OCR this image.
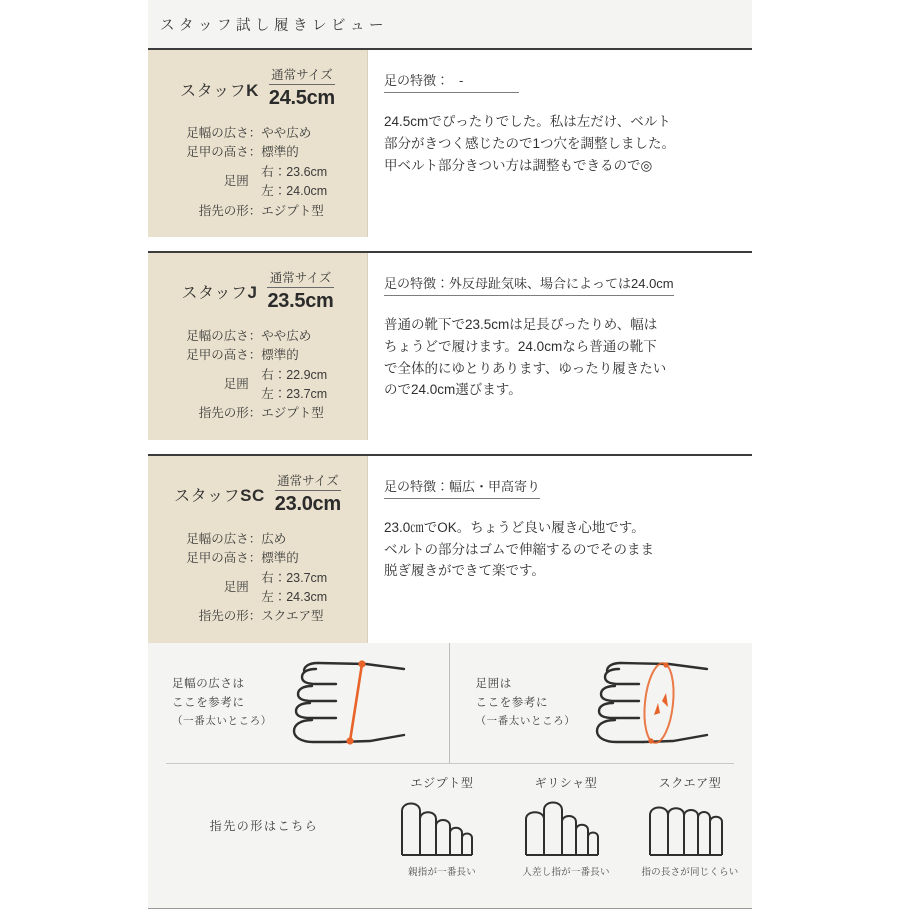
スタッフ試し履きレビュー
スタッフK
通常サイズ
24.5cm
足幅の広さ	：	やや広め
足甲の高さ	：	標準的
足囲		右：23.6cm
		左：24.0cm
指先の形	：	エジプト型
足の特徴： -
24.5cmでぴったりでした。私は左だけ、ベルト
部分がきつく感じたので1つ穴を調整しました。
甲ベルト部分きつい方は調整もできるので◎
スタッフJ
通常サイズ
23.5cm
足幅の広さ	：	やや広め
足甲の高さ	：	標準的
足囲		右：22.9cm
		左：23.7cm
指先の形	：	エジプト型
足の特徴：外反母趾気味、場合によっては24.0cm
普通の靴下で23.5cmは足長ぴったりめ、幅は
ちょうどで履けます。24.0cmなら普通の靴下
で全体的にゆとりあります、ゆったり履きたい
ので24.0cm選びます。
スタッフSC
通常サイズ
23.0cm
足幅の広さ	：	広め
足甲の高さ	：	標準的
足囲		右：23.7cm
		左：24.3cm
指先の形	：	スクエア型
足の特徴：幅広・甲高寄り
23.0㎝でOK。ちょうど良い履き心地です。
ベルトの部分はゴムで伸縮するのでそのまま
脱ぎ履きができて楽です。
足幅の広さは
ここを参考に
（一番太いところ）
足囲は
ここを参考に
（一番太いところ）
指先の形はこちら
エジプト型
親指が一番長い
ギリシャ型
人差し指が一番長い
スクエア型
指の長さが同じくらい
